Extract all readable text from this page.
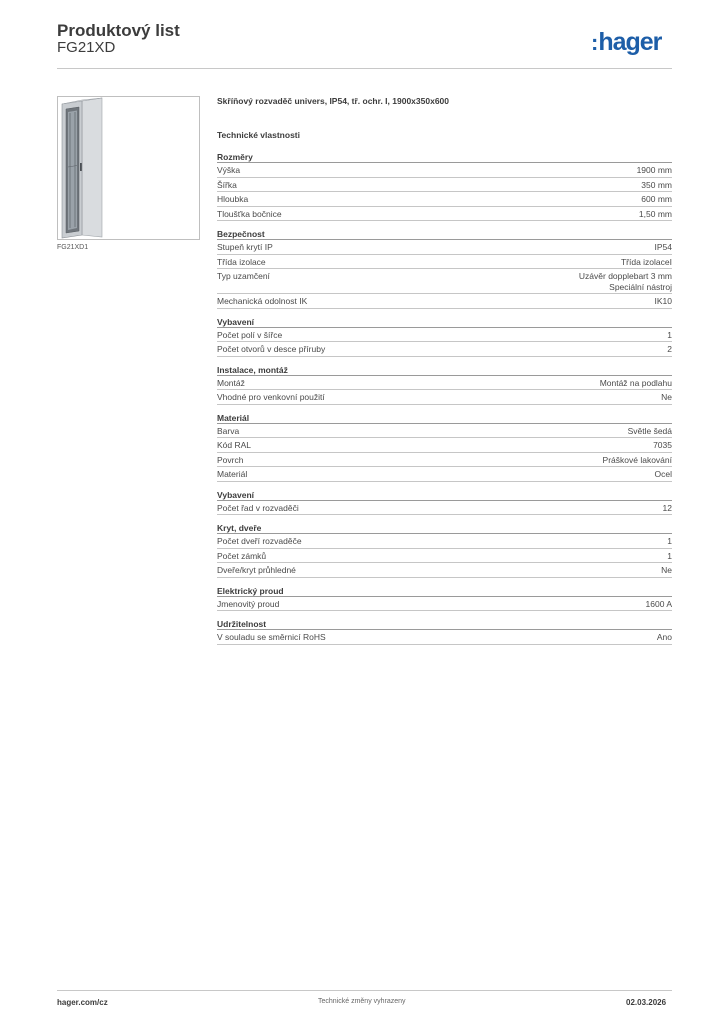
Produktový list
FG21XD	:hager
FG21XD1
Skříňový rozvaděč univers, IP54, tř. ochr. I, 1900x350x600
Technické vlastnosti
Rozměry
Výška	1900 mm
Šířka	350 mm
Hloubka	600 mm
Tloušťka bočnice	1,50 mm
Bezpečnost
Stupeň krytí IP	IP54
Třída izolace	Třída izolaceI
Typ uzamčení	Uzávěr dopplebart 3 mm
Speciální nástroj
Mechanická odolnost IK	IK10
Vybavení
Počet polí v šířce	1
Počet otvorů v desce příruby	2
Instalace, montáž
Montáž	Montáž na podlahu
Vhodné pro venkovní použití	Ne
Materiál
Barva	Světle šedá
Kód RAL	7035
Povrch	Práškové lakování
Materiál	Ocel
Vybavení
Počet řad v rozvaděči	12
Kryt, dveře
Počet dveří rozvaděče	1
Počet zámků	1
Dveře/kryt průhledné	Ne
Elektrický proud
Jmenovitý proud	1600 A
Udržitelnost
V souladu se směrnicí RoHS	Ano
hager.com/cz	Technické změny vyhrazeny	02.03.2026
